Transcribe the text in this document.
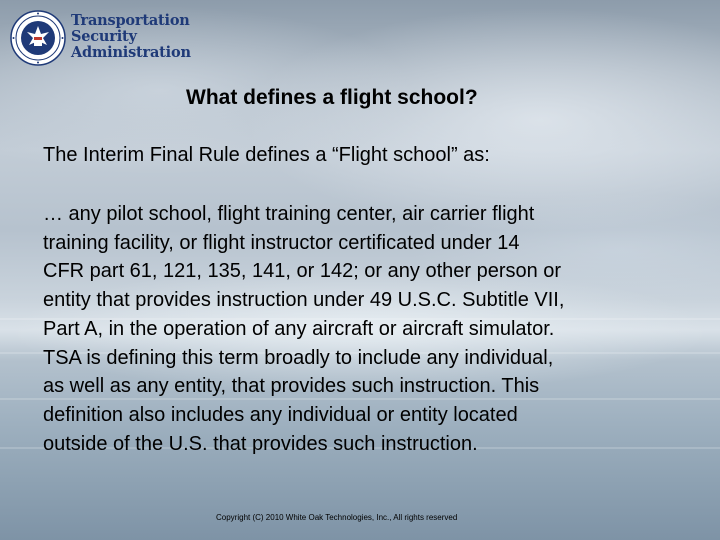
Transportation
Security
Administration
What defines a flight school?
The Interim Final Rule defines a “Flight school” as:
… any pilot school, flight training center, air carrier flight
training facility, or flight instructor certificated under 14
CFR part 61, 121, 135, 141, or 142; or any other person or
entity that provides instruction under 49 U.S.C. Subtitle VII,
Part A, in the operation of any aircraft or aircraft simulator.
TSA is defining this term broadly to include any individual,
as well as any entity, that provides such instruction. This
definition also includes any individual or entity located
outside of the U.S. that provides such instruction.
Copyright (C) 2010 White Oak Technologies, Inc., All rights reserved
